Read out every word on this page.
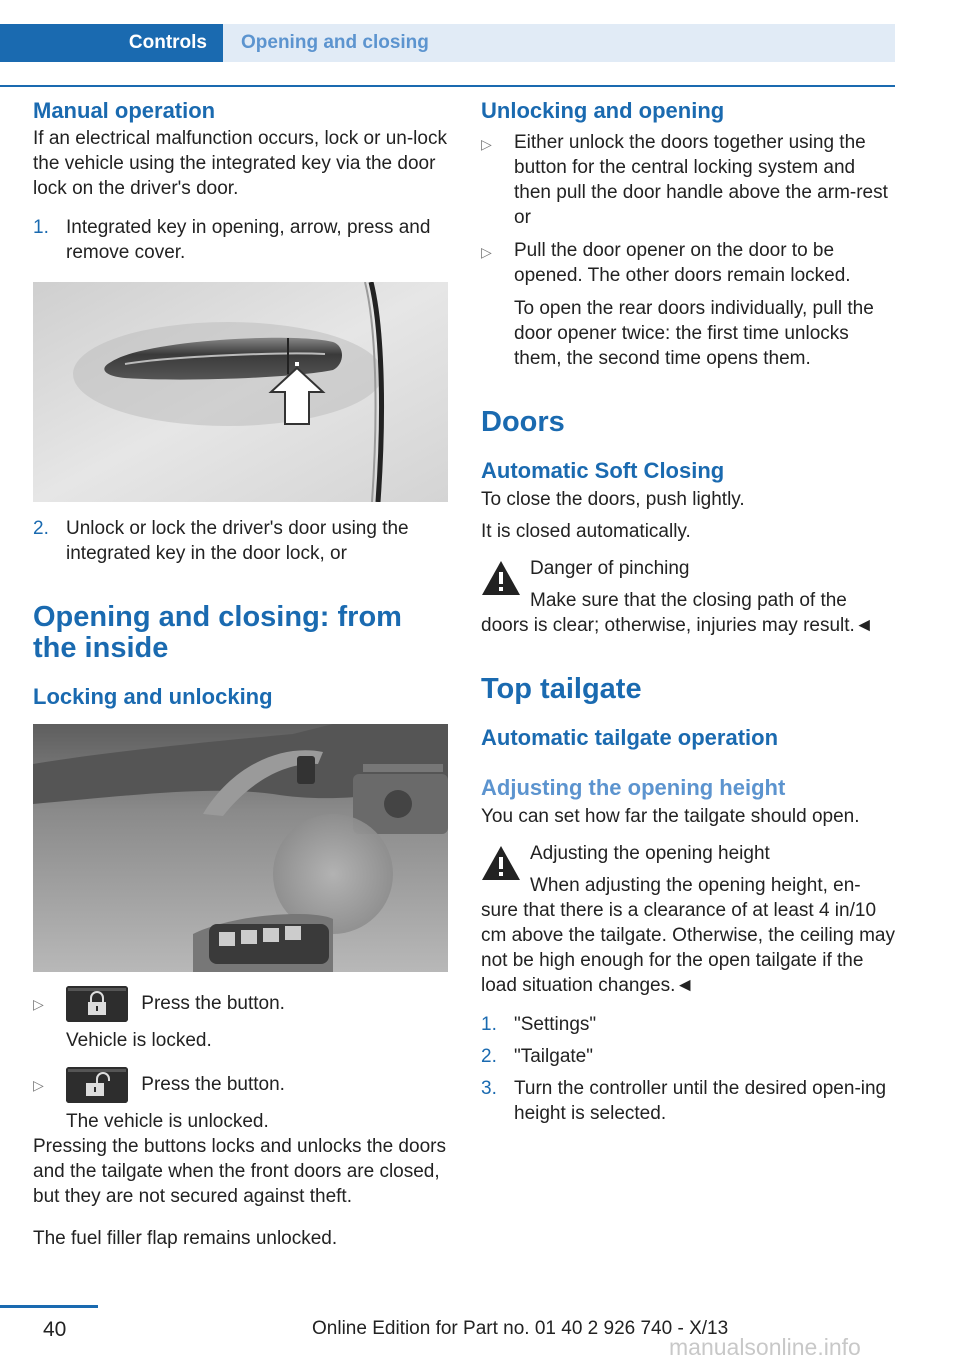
Controls	Opening and closing
Manual operation

If an electrical malfunction occurs, lock or un-lock the vehicle using the integrated key via the door lock on the driver's door.

1. Integrated key in opening, arrow, press and remove cover.
2. Unlock or lock the driver's door using the integrated key in the door lock, or
Opening and closing: from the inside
Locking and unlocking
▷	Press the button.
Vehicle is locked.
▷	Press the button.
The vehicle is unlocked.

Pressing the buttons locks and unlocks the doors and the tailgate when the front doors are closed, but they are not secured against theft.

The fuel filler flap remains unlocked.

Unlocking and opening
▷	Either unlock the doors together using the button for the central locking system and then pull the door handle above the arm-rest or
▷	Pull the door opener on the door to be opened. The other doors remain locked.
To open the rear doors individually, pull the door opener twice: the first time unlocks them, the second time opens them.
Doors
Automatic Soft Closing

To close the doors, push lightly.

It is closed automatically.

Danger of pinching
Make sure that the closing path of the
doors is clear; otherwise, injuries may result.◄
Top tailgate
Automatic tailgate operation
Adjusting the opening height

You can set how far the tailgate should open.

Adjusting the opening height
When adjusting the opening height, en-
sure that there is a clearance of at least 4 in/10 cm above the tailgate. Otherwise, the ceiling may not be high enough for the open tailgate if the load situation changes.◄
1. "Settings"
2. "Tailgate"
3. Turn the controller until the desired open-ing height is selected.
40	Online Edition for Part no. 01 40 2 926 740 - X/13
manualsonline.info
